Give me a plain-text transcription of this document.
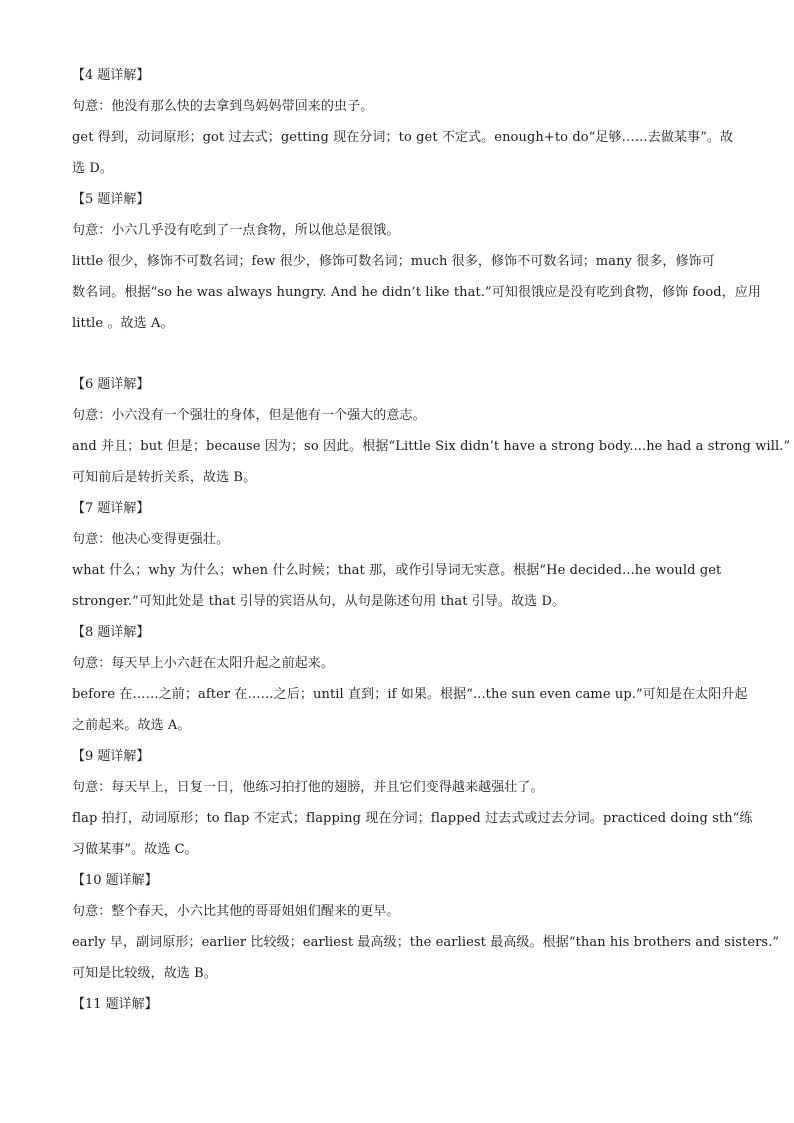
【4 题详解】

句意：他没有那么快的去拿到鸟妈妈带回来的虫子。

get 得到，动词原形；got 过去式；getting 现在分词；to get 不定式。enough+to do“足够……去做某事”。故

选 D。

【5 题详解】

句意：小六几乎没有吃到了一点食物，所以他总是很饿。

little 很少，修饰不可数名词；few 很少，修饰可数名词；much 很多，修饰不可数名词；many 很多，修饰可

数名词。根据“so he was always hungry. And he didn’t like that.”可知很饿应是没有吃到食物，修饰 food，应用

little 。故选 A。

【6 题详解】

句意：小六没有一个强壮的身体，但是他有一个强大的意志。

and 并且；but 但是；because 因为；so 因此。根据“Little Six didn’t have a strong body....he had a strong will.”

可知前后是转折关系，故选 B。

【7 题详解】

句意：他决心变得更强壮。

what 什么；why 为什么；when 什么时候；that 那，或作引导词无实意。根据“He decided...he would get

stronger.”可知此处是 that 引导的宾语从句，从句是陈述句用 that 引导。故选 D。

【8 题详解】

句意：每天早上小六赶在太阳升起之前起来。

before 在……之前；after 在……之后；until 直到；if 如果。根据“...the sun even came up.”可知是在太阳升起

之前起来。故选 A。

【9 题详解】

句意：每天早上，日复一日，他练习拍打他的翅膀，并且它们变得越来越强壮了。

flap 拍打，动词原形；to flap 不定式；flapping 现在分词；flapped 过去式或过去分词。practiced doing sth“练

习做某事”。故选 C。

【10 题详解】

句意：整个春天，小六比其他的哥哥姐姐们醒来的更早。

early 早，副词原形；earlier 比较级；earliest 最高级；the earliest 最高级。根据“than his brothers and sisters.”

可知是比较级，故选 B。

【11 题详解】
